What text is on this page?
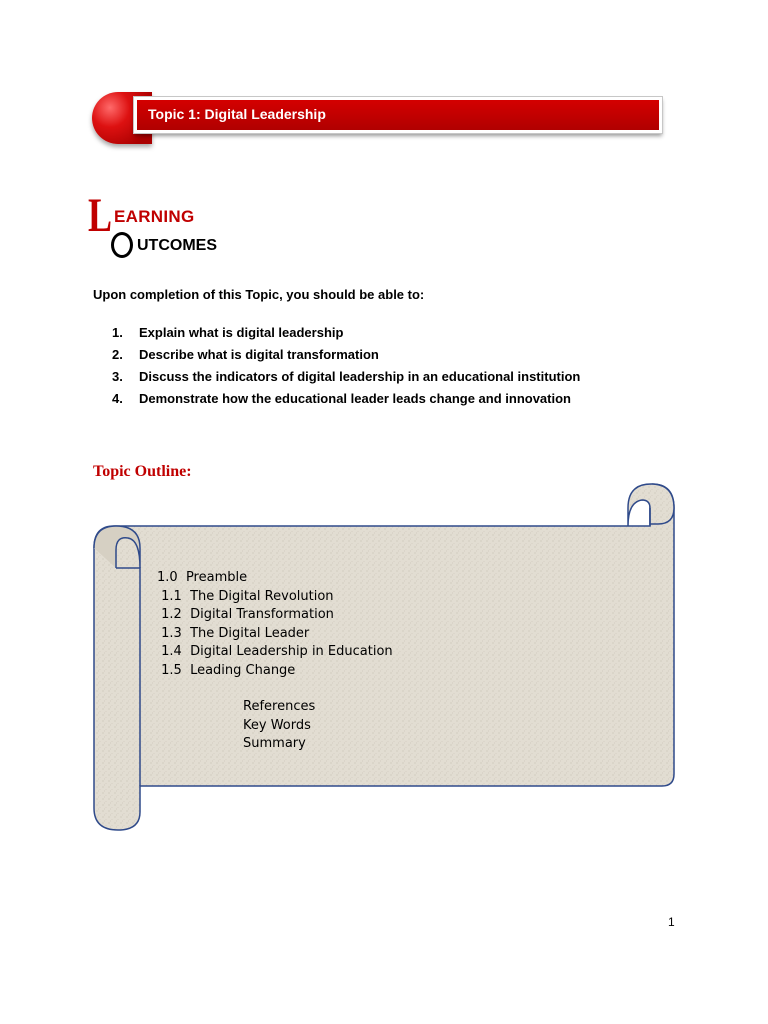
Topic 1: Digital Leadership
L EARNING
UTCOMES
Upon completion of this Topic, you should be able to:
1. Explain what is digital leadership
2. Describe what is digital transformation
3. Discuss the indicators of digital leadership in an educational institution
4. Demonstrate how the educational leader leads change and innovation
Topic Outline:
1.0  Preamble
1.1  The Digital Revolution
1.2  Digital Transformation
1.3  The Digital Leader
1.4  Digital Leadership in Education
1.5  Leading Change
References
Key Words
Summary
1
